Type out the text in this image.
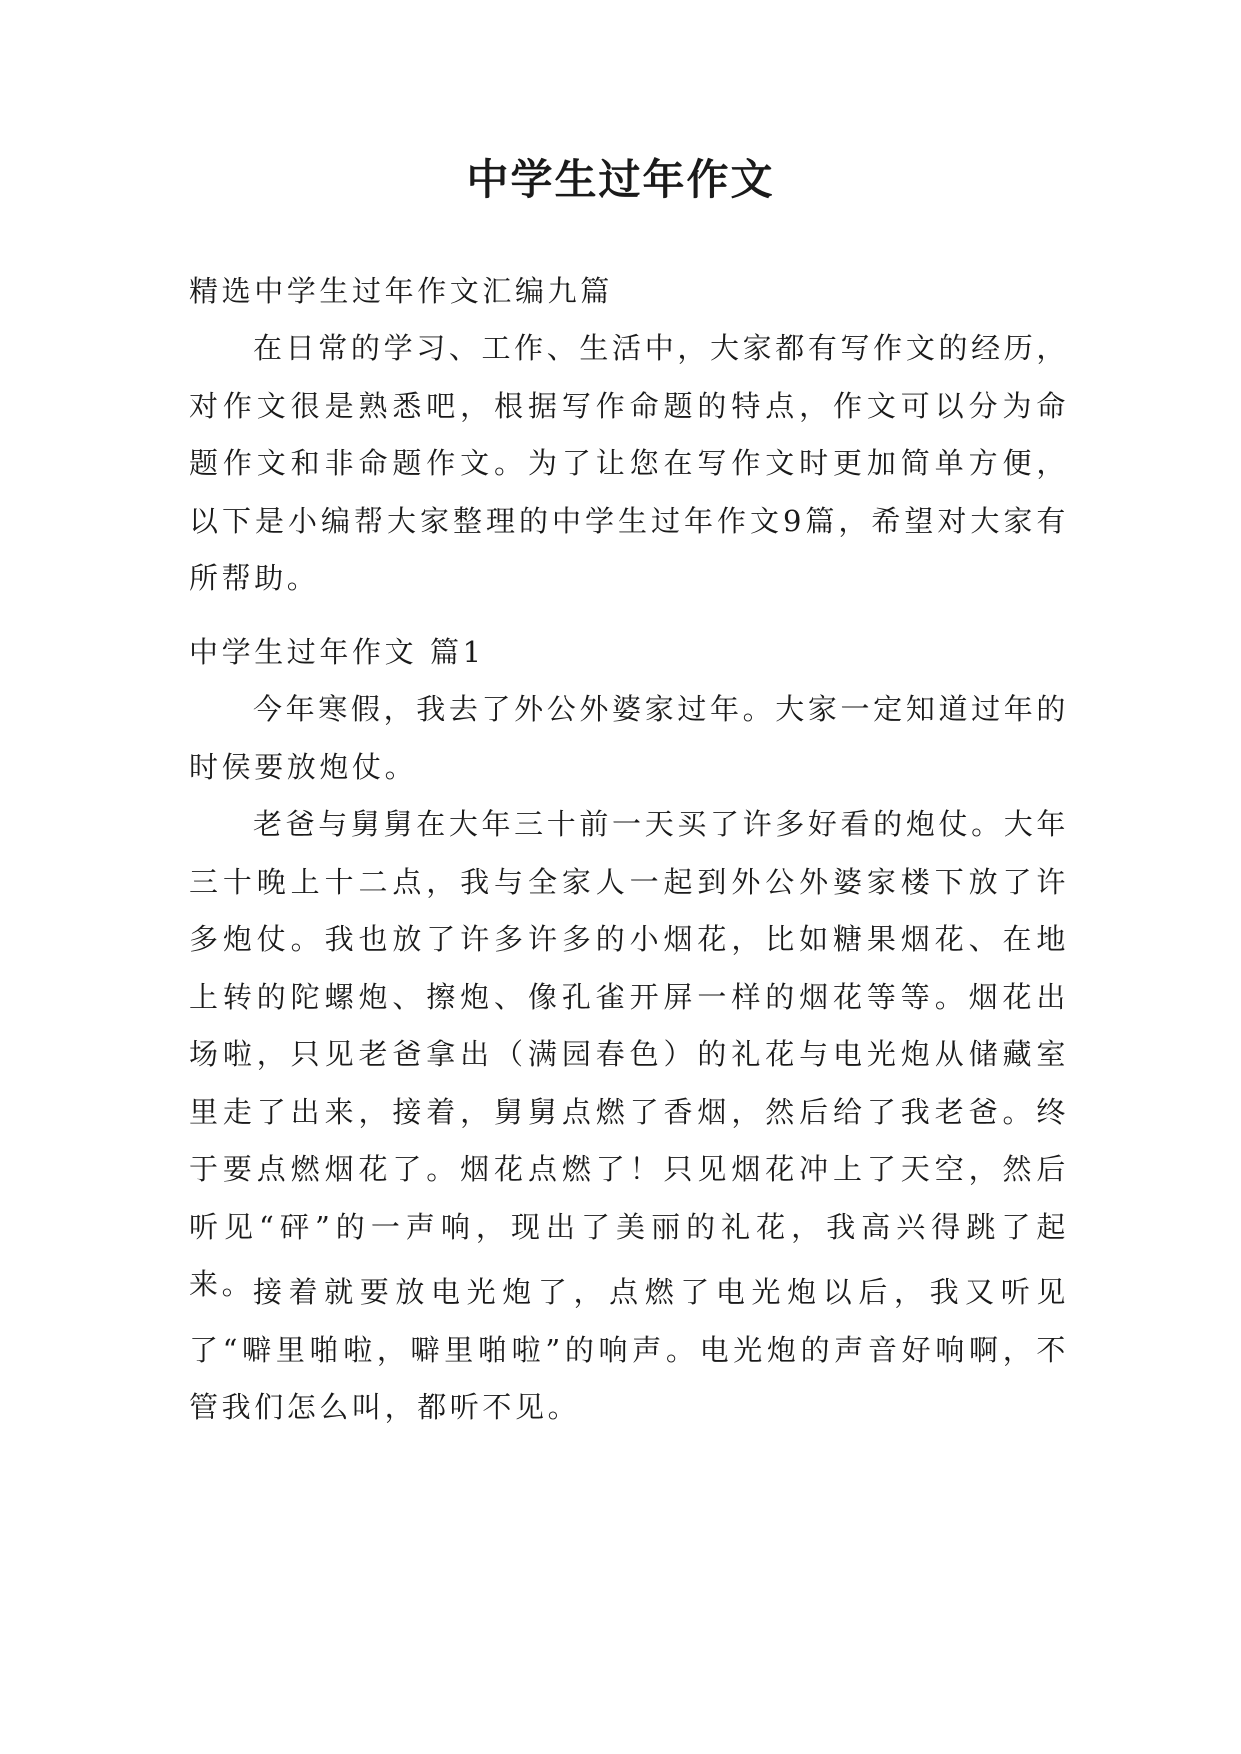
中学生过年作文

精选中学生过年作文汇编九篇

在日常的学习、工作、生活中，大家都有写作文的经历，对作文很是熟悉吧，根据写作命题的特点，作文可以分为命题作文和非命题作文。为了让您在写作文时更加简单方便，以下是小编帮大家整理的中学生过年作文9篇，希望对大家有所帮助。

中学生过年作文 篇1

今年寒假，我去了外公外婆家过年。大家一定知道过年的时侯要放炮仗。

老爸与舅舅在大年三十前一天买了许多好看的炮仗。大年三十晚上十二点，我与全家人一起到外公外婆家楼下放了许多炮仗。我也放了许多许多的小烟花，比如糖果烟花、在地上转的陀螺炮、擦炮、像孔雀开屏一样的烟花等等。烟花出场啦，只见老爸拿出（满园春色）的礼花与电光炮从储藏室里走了出来，接着，舅舅点燃了香烟，然后给了我老爸。终于要点燃烟花了。烟花点燃了！只见烟花冲上了天空，然后听见“砰”的一声响，现出了美丽的礼花，我高兴得跳了起来。

接着就要放电光炮了，点燃了电光炮以后，我又听见了“噼里啪啦，噼里啪啦”的响声。电光炮的声音好响啊，不管我们怎么叫，都听不见。
